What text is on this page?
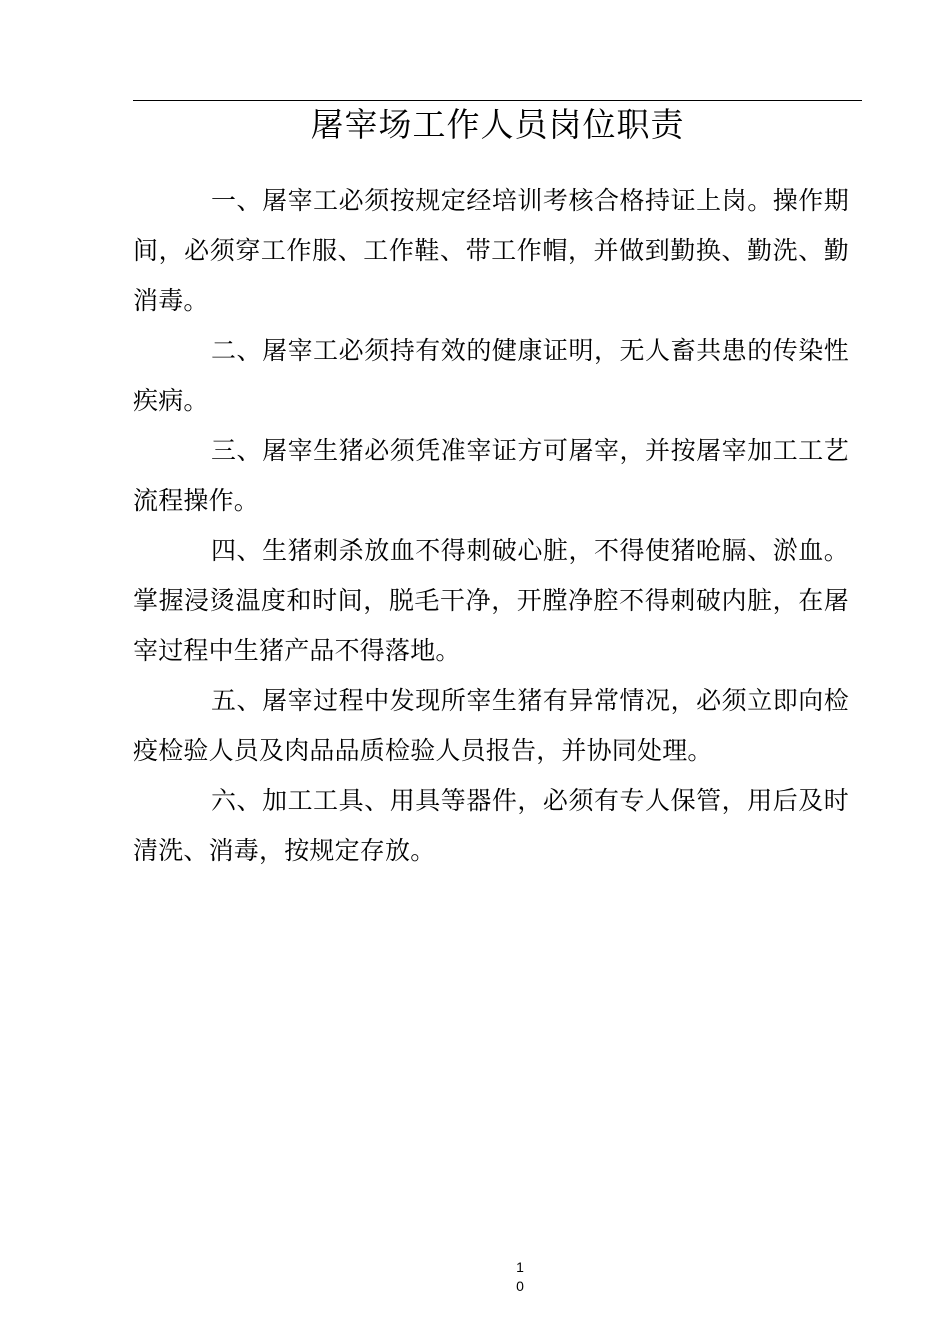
屠宰场工作人员岗位职责

一、屠宰工必须按规定经培训考核合格持证上岗。操作期间，必须穿工作服、工作鞋、带工作帽，并做到勤换、勤洗、勤消毒。

二、屠宰工必须持有效的健康证明，无人畜共患的传染性疾病。

三、屠宰生猪必须凭准宰证方可屠宰，并按屠宰加工工艺流程操作。

四、生猪刺杀放血不得刺破心脏，不得使猪呛膈、淤血。掌握浸烫温度和时间，脱毛干净，开膛净腔不得刺破内脏，在屠宰过程中生猪产品不得落地。

五、屠宰过程中发现所宰生猪有异常情况，必须立即向检疫检验人员及肉品品质检验人员报告，并协同处理。

六、加工工具、用具等器件，必须有专人保管，用后及时清洗、消毒，按规定存放。

1
0
